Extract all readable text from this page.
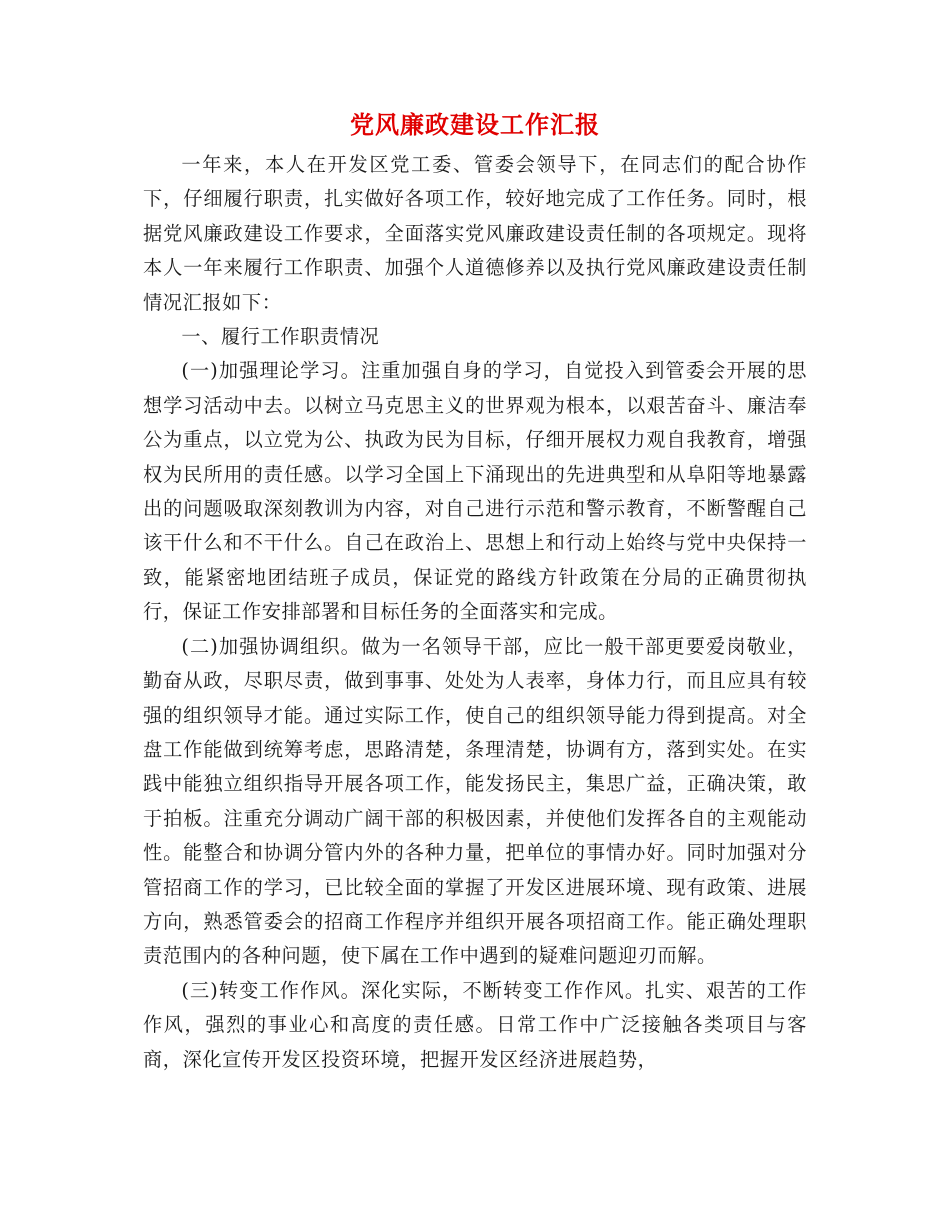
党风廉政建设工作汇报

一年来，本人在开发区党工委、管委会领导下，在同志们的配合协作下，仔细履行职责，扎实做好各项工作，较好地完成了工作任务。同时，根据党风廉政建设工作要求，全面落实党风廉政建设责任制的各项规定。现将本人一年来履行工作职责、加强个人道德修养以及执行党风廉政建设责任制情况汇报如下：

一、履行工作职责情况

(一)加强理论学习。注重加强自身的学习，自觉投入到管委会开展的思想学习活动中去。以树立马克思主义的世界观为根本，以艰苦奋斗、廉洁奉公为重点，以立党为公、执政为民为目标，仔细开展权力观自我教育，增强权为民所用的责任感。以学习全国上下涌现出的先进典型和从阜阳等地暴露出的问题吸取深刻教训为内容，对自己进行示范和警示教育，不断警醒自己该干什么和不干什么。自己在政治上、思想上和行动上始终与党中央保持一致，能紧密地团结班子成员，保证党的路线方针政策在分局的正确贯彻执行，保证工作安排部署和目标任务的全面落实和完成。

(二)加强协调组织。做为一名领导干部，应比一般干部更要爱岗敬业，勤奋从政，尽职尽责，做到事事、处处为人表率，身体力行，而且应具有较强的组织领导才能。通过实际工作，使自己的组织领导能力得到提高。对全盘工作能做到统筹考虑，思路清楚，条理清楚，协调有方，落到实处。在实践中能独立组织指导开展各项工作，能发扬民主，集思广益，正确决策，敢于拍板。注重充分调动广阔干部的积极因素，并使他们发挥各自的主观能动性。能整合和协调分管内外的各种力量，把单位的事情办好。同时加强对分管招商工作的学习，已比较全面的掌握了开发区进展环境、现有政策、进展方向，熟悉管委会的招商工作程序并组织开展各项招商工作。能正确处理职责范围内的各种问题，使下属在工作中遇到的疑难问题迎刃而解。

(三)转变工作作风。深化实际，不断转变工作作风。扎实、艰苦的工作作风，强烈的事业心和高度的责任感。日常工作中广泛接触各类项目与客商，深化宣传开发区投资环境，把握开发区经济进展趋势，
